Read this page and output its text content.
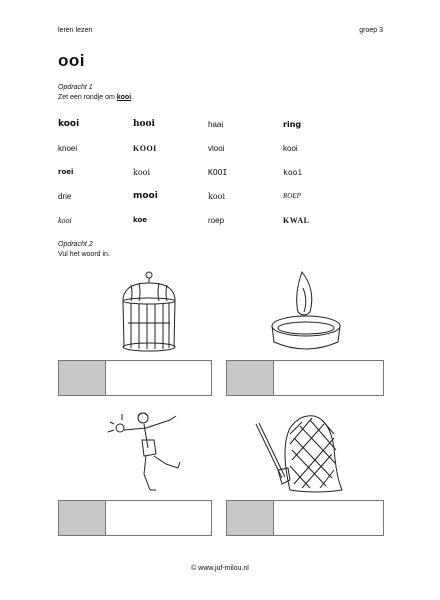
leren lezen	groep 3
ooi
Opdracht 1
Zet een rondje om kooi.
kooi	hooi	haai	ring
knoei	KOOI	vlooi	kooi
roei	kooi	KOOI	kooi
drie	mooi	kooi	ROEP
kooi	koe	roep	KWAL
Opdracht 2
Vul het woord in.
© www.juf-milou.nl
